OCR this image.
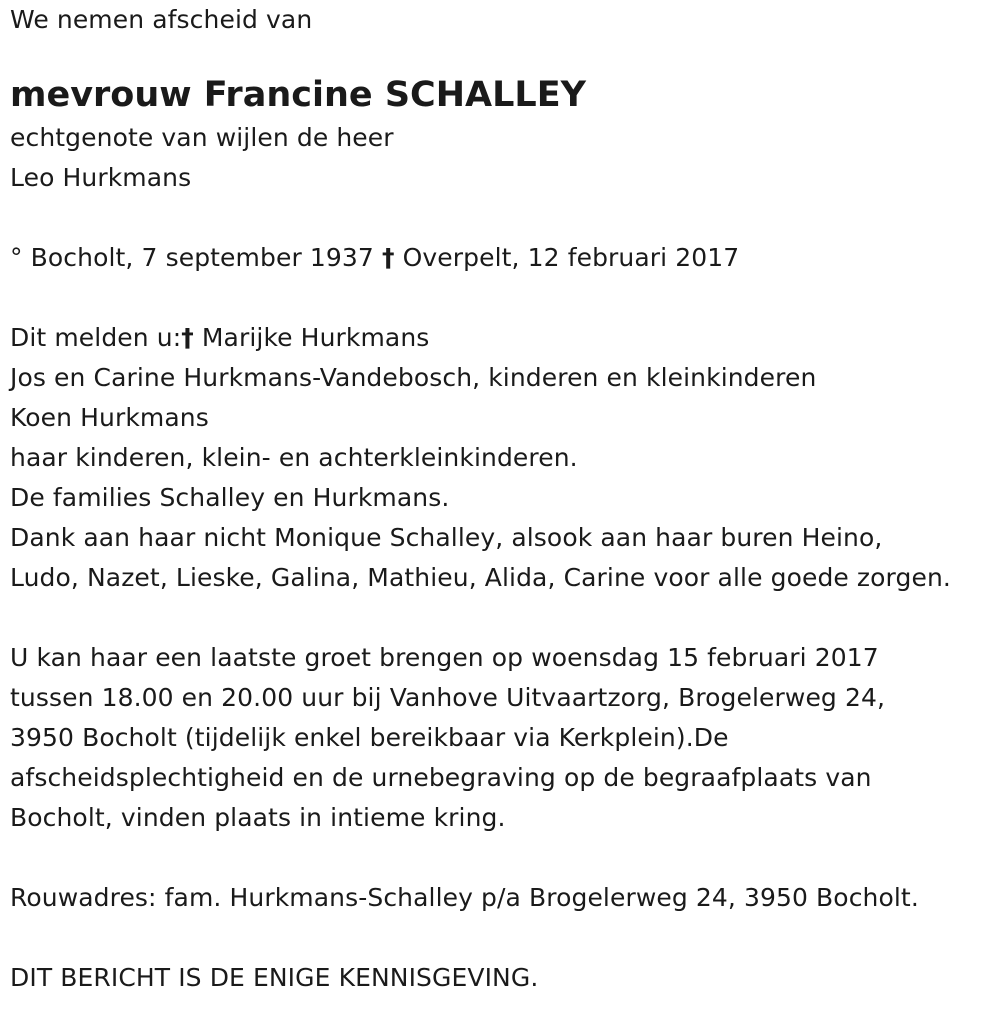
We nemen afscheid van
mevrouw Francine SCHALLEY
echtgenote van wijlen de heer
Leo Hurkmans
° Bocholt, 7 september 1937 † Overpelt, 12 februari 2017
Dit melden u:† Marijke Hurkmans
Jos en Carine Hurkmans-Vandebosch, kinderen en kleinkinderen
Koen Hurkmans
haar kinderen, klein- en achterkleinkinderen.
De families Schalley en Hurkmans.
Dank aan haar nicht Monique Schalley, alsook aan haar buren Heino,
Ludo, Nazet, Lieske, Galina, Mathieu, Alida, Carine voor alle goede zorgen.
U kan haar een laatste groet brengen op woensdag 15 februari 2017
tussen 18.00 en 20.00 uur bij Vanhove Uitvaartzorg, Brogelerweg 24,
3950 Bocholt (tijdelijk enkel bereikbaar via Kerkplein).De
afscheidsplechtigheid en de urnebegraving op de begraafplaats van
Bocholt, vinden plaats in intieme kring.
Rouwadres: fam. Hurkmans-Schalley p/a Brogelerweg 24, 3950 Bocholt.
DIT BERICHT IS DE ENIGE KENNISGEVING.
